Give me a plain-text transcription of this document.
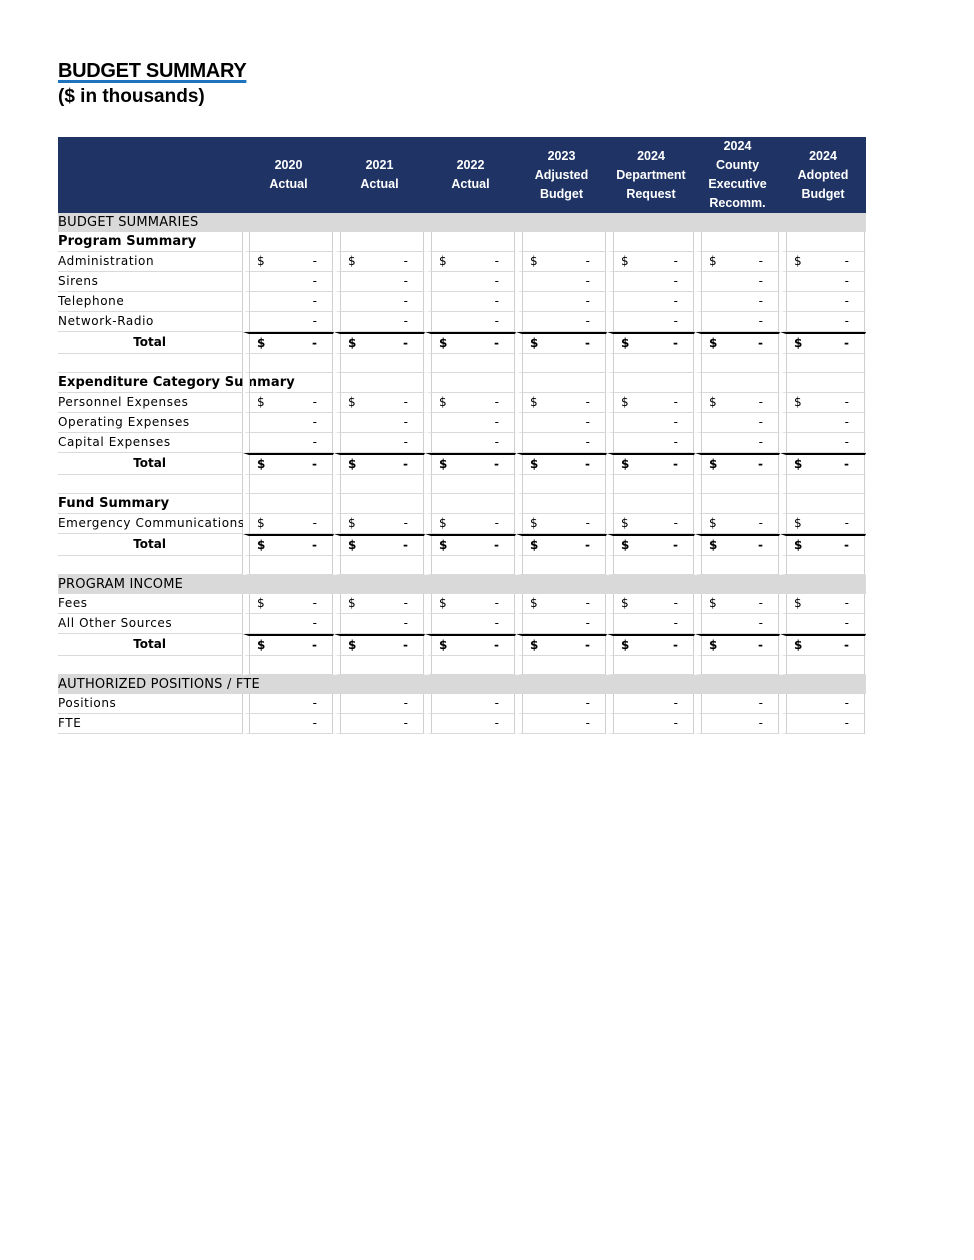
BUDGET SUMMARY
($ in thousands)

	2020
Actual	2021
Actual	2022
Actual	2023
Adjusted
Budget	2024
Department
Request	2024
County
Executive
Recomm.	2024
Adopted
Budget

BUDGET SUMMARIES							
Program Summary							
Administration	$ -	$ -	$ -	$ -	$ -	$ -	$ -

Sirens	-	-	-	-	-	-	-

Telephone	-	-	-	-	-	-	-

Network-Radio	-	-	-	-	-	-	-

Total	$ -	$ -	$ -	$ -	$ -	$ -	$ -

Expenditure Category Summary							
Personnel Expenses	$ -	$ -	$ -	$ -	$ -	$ -	$ -

Operating Expenses	-	-	-	-	-	-	-

Capital Expenses	-	-	-	-	-	-	-

Total	$ -	$ -	$ -	$ -	$ -	$ -	$ -

Fund Summary							
Emergency Communications	$ -	$ -	$ -	$ -	$ -	$ -	$ -

Total	$ -	$ -	$ -	$ -	$ -	$ -	$ -

PROGRAM INCOME							
Fees	$ -	$ -	$ -	$ -	$ -	$ -	$ -

All Other Sources	-	-	-	-	-	-	-

Total	$ -	$ -	$ -	$ -	$ -	$ -	$ -

AUTHORIZED POSITIONS / FTE							
Positions	-	-	-	-	-	-	-

FTE	-	-	-	-	-	-	-
